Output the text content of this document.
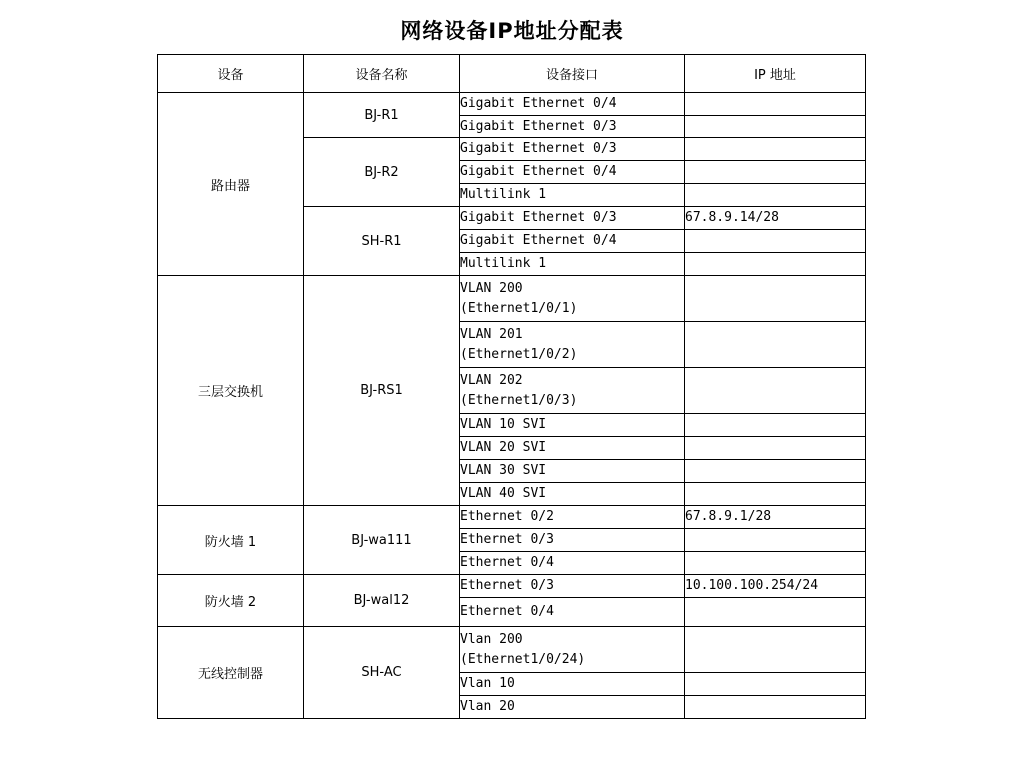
网络设备IP地址分配表
设备	设备名称	设备接口	IP 地址
路由器	BJ-R1	Gigabit Ethernet 0/4	

		Gigabit Ethernet 0/3	

	BJ-R2	Gigabit Ethernet 0/3	

		Gigabit Ethernet 0/4	

		Multilink 1	

	SH-R1	Gigabit Ethernet 0/3	67.8.9.14/28

		Gigabit Ethernet 0/4	

		Multilink 1	

三层交换机	BJ-RS1	VLAN 200
(Ethernet1/0/1)	

		VLAN 201
(Ethernet1/0/2)	

		VLAN 202
(Ethernet1/0/3)	

		VLAN 10 SVI	

		VLAN 20 SVI	

		VLAN 30 SVI	

		VLAN 40 SVI	

防火墙 1	BJ-wa111	Ethernet 0/2	67.8.9.1/28

		Ethernet 0/3	

		Ethernet 0/4	

防火墙 2	BJ-wal12	Ethernet 0/3	10.100.100.254/24

		Ethernet 0/4	

无线控制器	SH-AC	Vlan 200
(Ethernet1/0/24)	

		Vlan 10	

		Vlan 20	
